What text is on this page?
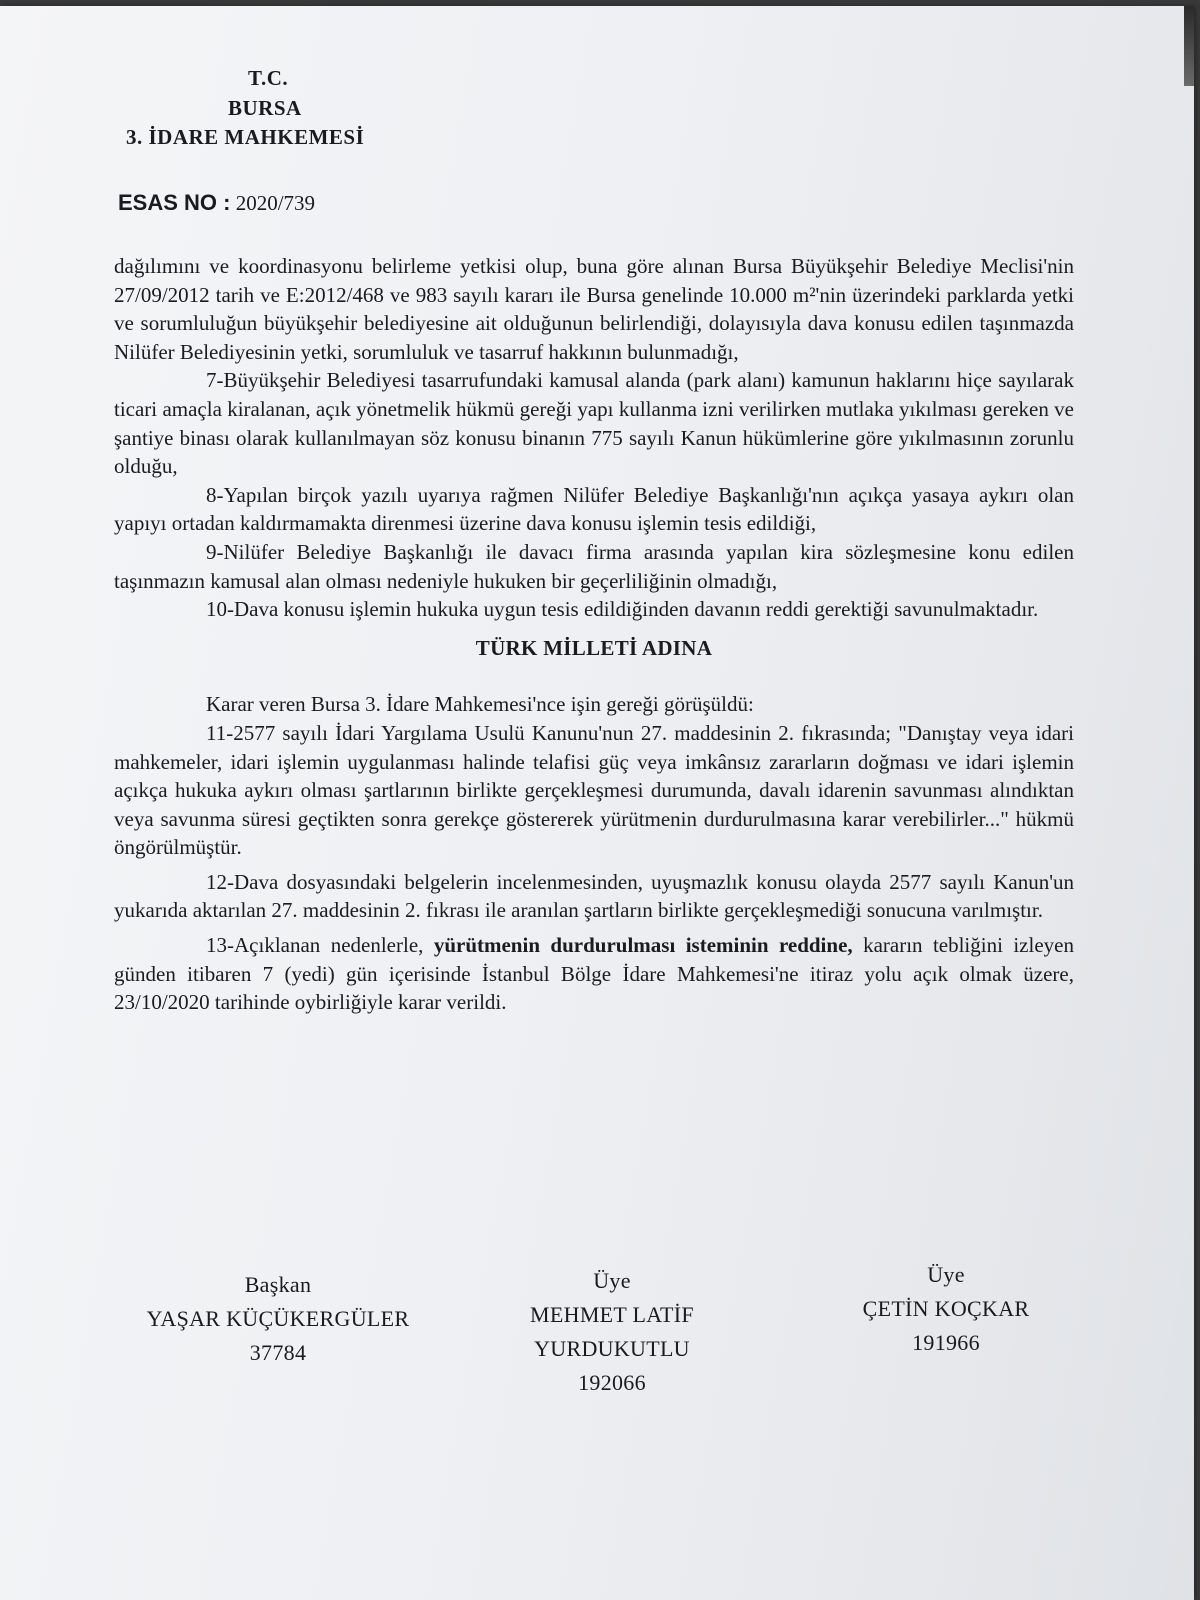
T.C.
BURSA
3. İDARE MAHKEMESİ
ESAS NO : 2020/739

dağılımını ve koordinasyonu belirleme yetkisi olup, buna göre alınan Bursa Büyükşehir Belediye Meclisi'nin 27/09/2012 tarih ve E:2012/468 ve 983 sayılı kararı ile Bursa genelinde 10.000 m²'nin üzerindeki parklarda yetki ve sorumluluğun büyükşehir belediyesine ait olduğunun belirlendiği, dolayısıyla dava konusu edilen taşınmazda Nilüfer Belediyesinin yetki, sorumluluk ve tasarruf hakkının bulunmadığı,

7-Büyükşehir Belediyesi tasarrufundaki kamusal alanda (park alanı) kamunun haklarını hiçe sayılarak ticari amaçla kiralanan, açık yönetmelik hükmü gereği yapı kullanma izni verilirken mutlaka yıkılması gereken ve şantiye binası olarak kullanılmayan söz konusu binanın 775 sayılı Kanun hükümlerine göre yıkılmasının zorunlu olduğu,

8-Yapılan birçok yazılı uyarıya rağmen Nilüfer Belediye Başkanlığı'nın açıkça yasaya aykırı olan yapıyı ortadan kaldırmamakta direnmesi üzerine dava konusu işlemin tesis edildiği,

9-Nilüfer Belediye Başkanlığı ile davacı firma arasında yapılan kira sözleşmesine konu edilen taşınmazın kamusal alan olması nedeniyle hukuken bir geçerliliğinin olmadığı,

10-Dava konusu işlemin hukuka uygun tesis edildiğinden davanın reddi gerektiği savunulmaktadır.

TÜRK MİLLETİ ADINA

Karar veren Bursa 3. İdare Mahkemesi'nce işin gereği görüşüldü:

11-2577 sayılı İdari Yargılama Usulü Kanunu'nun 27. maddesinin 2. fıkrasında; "Danıştay veya idari mahkemeler, idari işlemin uygulanması halinde telafisi güç veya imkânsız zararların doğması ve idari işlemin açıkça hukuka aykırı olması şartlarının birlikte gerçekleşmesi durumunda, davalı idarenin savunması alındıktan veya savunma süresi geçtikten sonra gerekçe göstererek yürütmenin durdurulmasına karar verebilirler..." hükmü öngörülmüştür.

12-Dava dosyasındaki belgelerin incelenmesinden, uyuşmazlık konusu olayda 2577 sayılı Kanun'un yukarıda aktarılan 27. maddesinin 2. fıkrası ile aranılan şartların birlikte gerçekleşmediği sonucuna varılmıştır.

13-Açıklanan nedenlerle, yürütmenin durdurulması isteminin reddine, kararın tebliğini izleyen günden itibaren 7 (yedi) gün içerisinde İstanbul Bölge İdare Mahkemesi'ne itiraz yolu açık olmak üzere, 23/10/2020 tarihinde oybirliğiyle karar verildi.

Başkan
YAŞAR KÜÇÜKERGÜLER
37784
Üye
MEHMET LATİF
YURDUKUTLU
192066
Üye
ÇETİN KOÇKAR
191966
